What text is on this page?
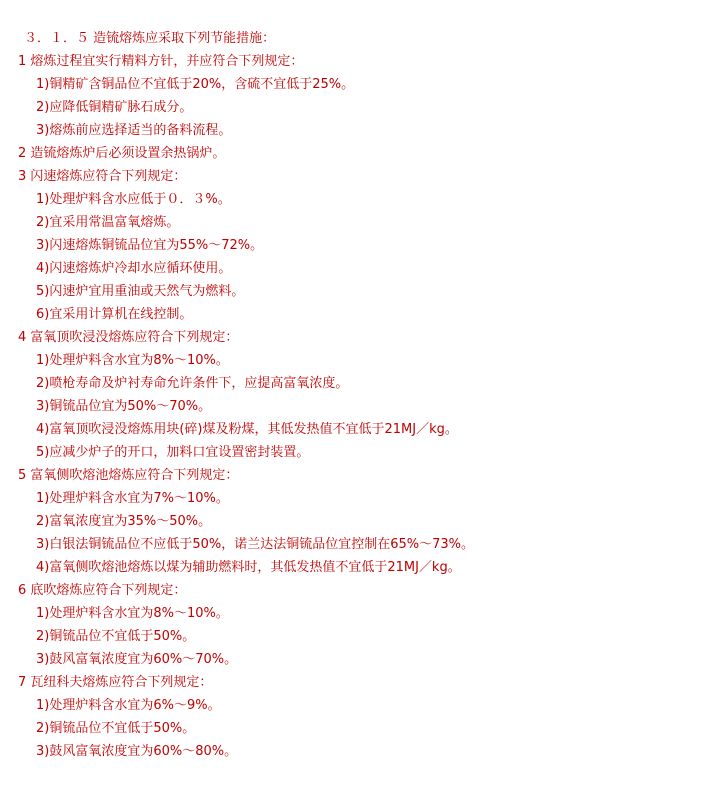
３．１．５ 造锍熔炼应采取下列节能措施：
1 熔炼过程宜实行精料方针，并应符合下列规定：
1)铜精矿含铜品位不宜低于20%，含硫不宜低于25%。
2)应降低铜精矿脉石成分。
3)熔炼前应选择适当的备料流程。
2 造锍熔炼炉后必须设置余热锅炉。
3 闪速熔炼应符合下列规定：
1)处理炉料含水应低于０．３%。
2)宜采用常温富氧熔炼。
3)闪速熔炼铜锍品位宜为55%～72%。
4)闪速熔炼炉冷却水应循环使用。
5)闪速炉宜用重油或天然气为燃料。
6)宜采用计算机在线控制。
4 富氧顶吹浸没熔炼应符合下列规定：
1)处理炉料含水宜为8%～10%。
2)喷枪寿命及炉衬寿命允许条件下，应提高富氧浓度。
3)铜锍品位宜为50%～70%。
4)富氧顶吹浸没熔炼用块(碎)煤及粉煤，其低发热值不宜低于21MJ／kg。
5)应减少炉子的开口，加料口宜设置密封装置。
5 富氧侧吹熔池熔炼应符合下列规定：
1)处理炉料含水宜为7%～10%。
2)富氧浓度宜为35%～50%。
3)白银法铜锍品位不应低于50%，诺兰达法铜锍品位宜控制在65%～73%。
4)富氧侧吹熔池熔炼以煤为辅助燃料时，其低发热值不宜低于21MJ／kg。
6 底吹熔炼应符合下列规定：
1)处理炉料含水宜为8%～10%。
2)铜锍品位不宜低于50%。
3)鼓风富氧浓度宜为60%～70%。
7 瓦纽科夫熔炼应符合下列规定：
1)处理炉料含水宜为6%～9%。
2)铜锍品位不宜低于50%。
3)鼓风富氧浓度宜为60%～80%。
